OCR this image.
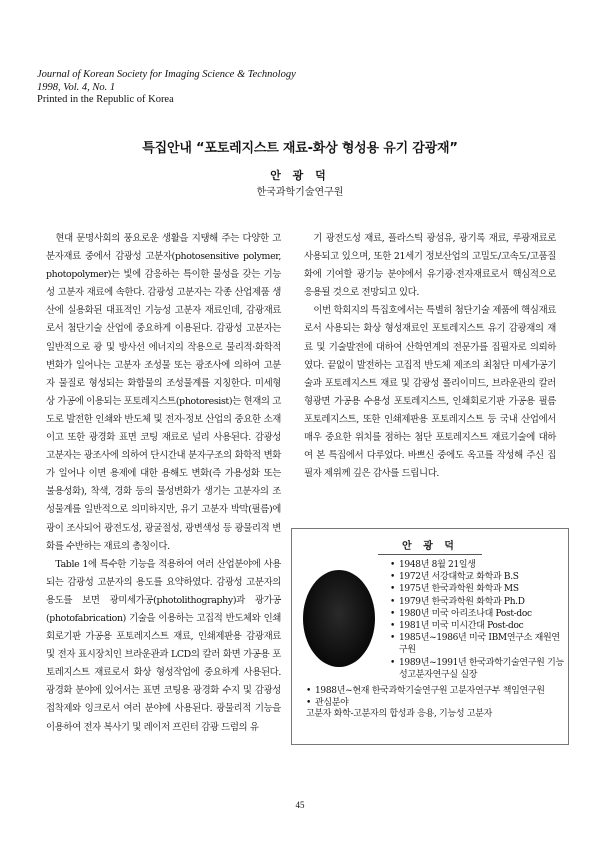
Journal of Korean Society for Imaging Science & Technology
1998, Vol. 4, No. 1
Printed in the Republic of Korea
특집안내 “포토레지스트 재료-화상 형성용 유기 감광재”
안 광 덕
한국과학기술연구원

현대 문명사회의 풍요로운 생활을 지탱해 주는 다양한 고분자재료 중에서 감광성 고분자(photosensitive polymer, photopolymer)는 빛에 감응하는 특이한 물성을 갖는 기능성 고분자 재료에 속한다. 감광성 고분자는 각종 산업제품 생산에 실용화된 대표적인 기능성 고분자 재료인데, 감광재료로서 첨단기술 산업에 중요하게 이용된다. 감광성 고분자는 일반적으로 광 및 방사선 에너지의 작용으로 물리적·화학적 변화가 일어나는 고분자 조성물 또는 광조사에 의하여 고분자 물질로 형성되는 화합물의 조성물계를 지칭한다. 미세형상 가공에 이용되는 포토레지스트(photoresist)는 현재의 고도로 발전한 인쇄와 반도체 및 전자·정보 산업의 중요한 소재이고 또한 광경화 표면 코팅 재료로 널리 사용된다. 감광성 고분자는 광조사에 의하여 단시간내 분자구조의 화학적 변화가 일어나 이면 용제에 대한 용해도 변화(즉 가용성화 또는 불용성화), 착색, 경화 등의 물성변화가 생기는 고분자의 조성물계를 일반적으로 의미하지만, 유기 고분자 박막(필름)에 광이 조사되어 광전도성, 광굴절성, 광변색성 등 광물리적 변화를 수반하는 재료의 총칭이다.

Table 1에 특수한 기능을 적용하여 여러 산업분야에 사용되는 감광성 고분자의 용도를 요약하였다. 감광성 고분자의 용도를 보면 광미세가공(photolithography)과 광가공(photofabrication) 기술을 이용하는 고집적 반도체와 인쇄회로기판 가공용 포토레지스트 재료, 인쇄제판용 감광재료 및 전자 표시장치인 브라운관과 LCD의 칼러 화면 가공용 포토레지스트 재료로서 화상 형성작업에 중요하게 사용된다. 광경화 분야에 있어서는 표면 코팅용 광경화 수지 및 감광성 접착제와 잉크로서 여러 분야에 사용된다. 광물리적 기능을 이용하여 전자 복사기 및 레이저 프린터 감광 드럼의 유

기 광전도성 재료, 플라스틱 광섬유, 광기록 재료, 루광재료로 사용되고 있으며, 또한 21세기 정보산업의 고밀도/고속도/고품질화에 기여할 광기능 분야에서 유기광·전자재료로서 핵심적으로 응용될 것으로 전망되고 있다.

이번 학회지의 특집호에서는 특별히 첨단기술 제품에 핵심재료로서 사용되는 화상 형성재료인 포토레지스트 유기 감광재의 재료 및 기술발전에 대하여 산학연계의 전문가를 집필자로 의뢰하였다. 끝없이 발전하는 고집적 반도체 제조의 최첨단 미세가공기술과 포토레지스트 재료 및 감광성 폴리이미드, 브라운관의 칼러 형광면 가공용 수용성 포토레지스트, 인쇄회로기판 가공용 필름 포토레지스트, 또한 인쇄제판용 포토레지스트 등 국내 산업에서 매우 중요한 위치를 점하는 첨단 포토레지스트 재료기술에 대하여 본 특집에서 다루었다. 바쁘신 중에도 옥고를 작성해 주신 집필자 제위께 깊은 감사를 드립니다.

안 광 덕
• 1948년 8월 21일생
• 1972년 서강대학교 화학과 B.S
• 1975년 한국과학원 화학과 MS
• 1979년 한국과학원 화학과 Ph.D
• 1980년 미국 아리조나대 Post-doc
• 1981년 미국 미시간대 Post-doc
• 1985년~1986년 미국 IBM연구소 재원연구원
• 1989년~1991년 한국과학기술연구원 기능성고분자연구실 실장
• 1988년~현재 한국과학기술연구원 고분자연구부 책임연구원
• 관심분야
고분자 화학-고분자의 합성과 응용, 기능성 고분자
45
